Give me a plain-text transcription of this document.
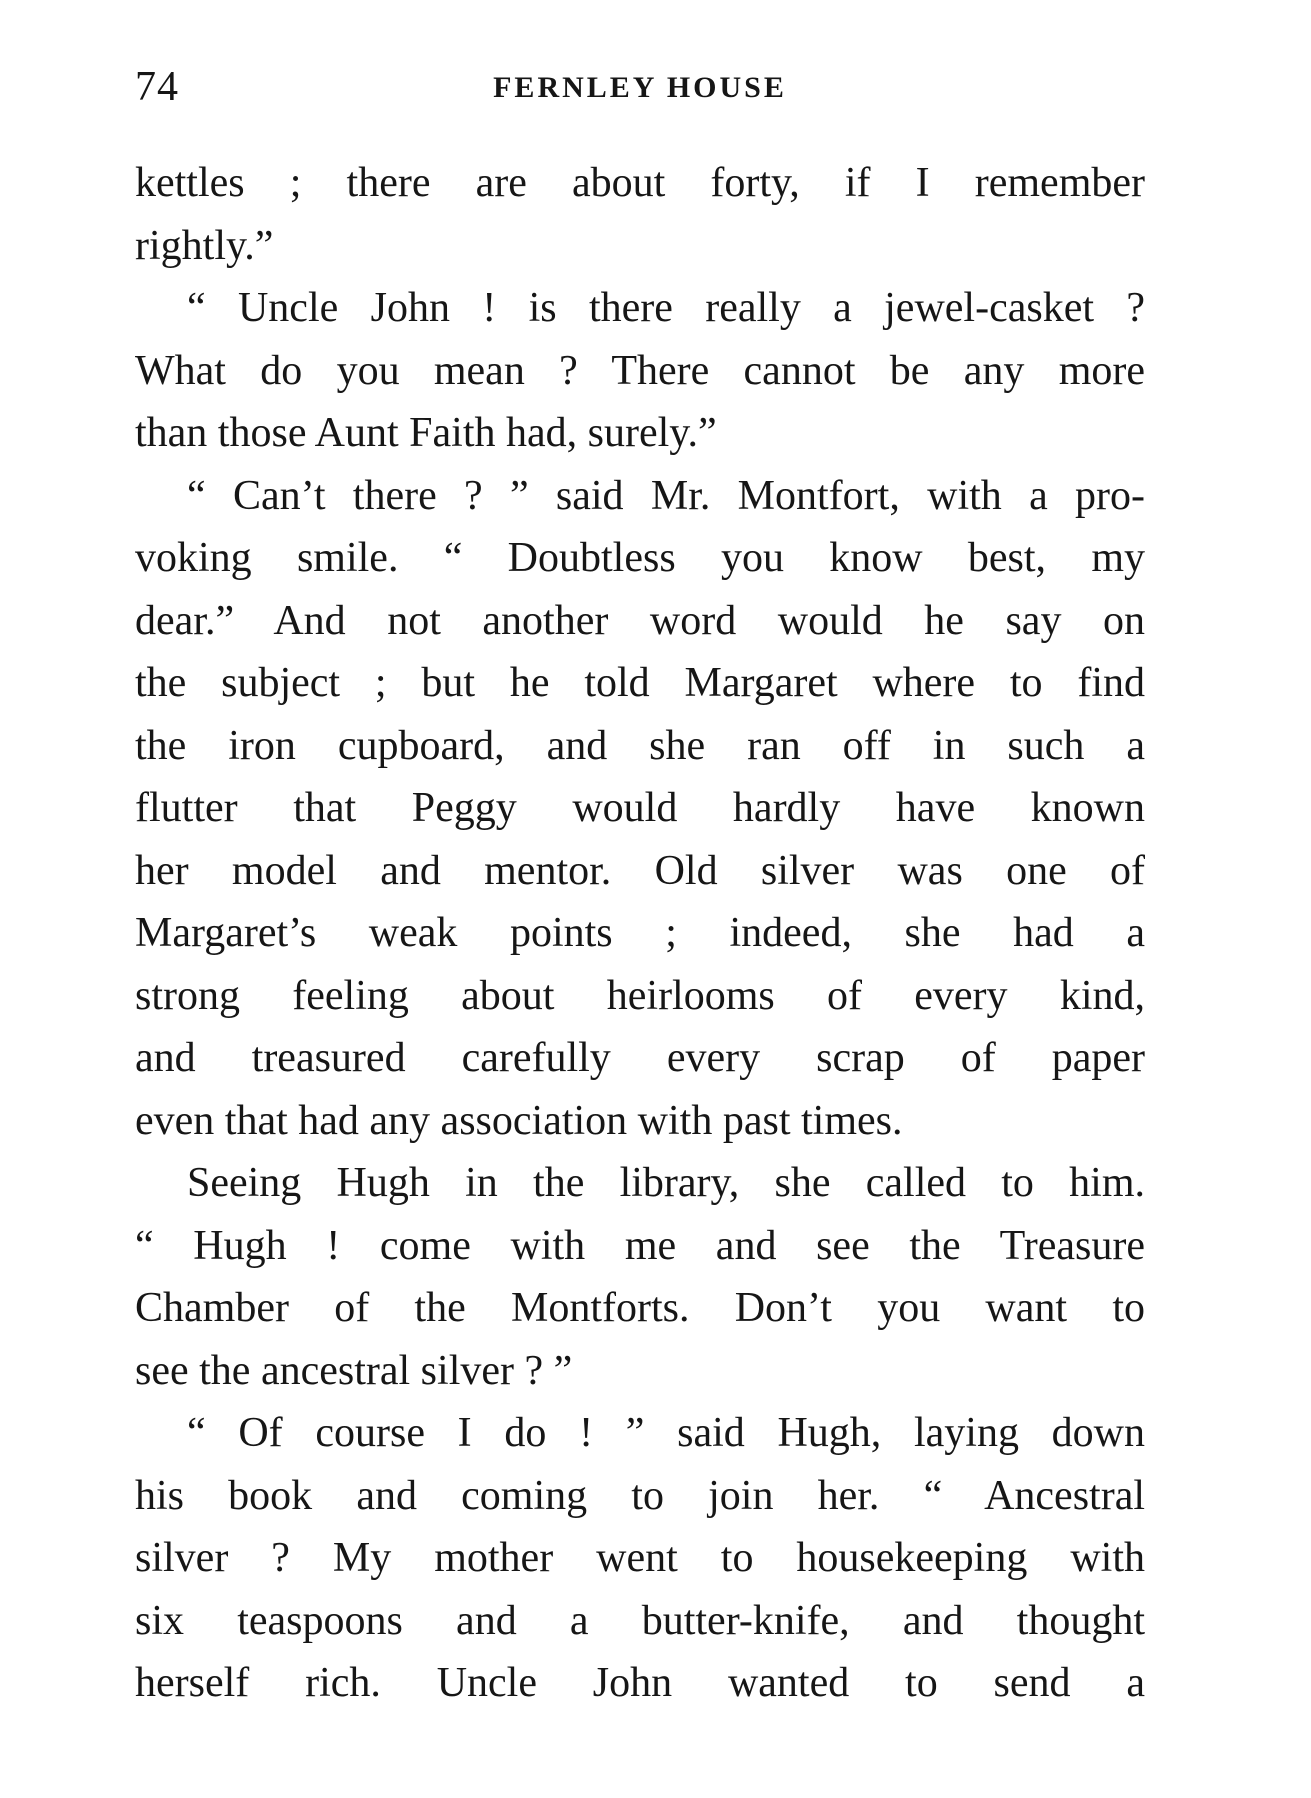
74	FERNLEY HOUSE
kettles ; there are about forty, if I remember
rightly.”
“ Uncle John ! is there really a jewel-casket ?
What do you mean ? There cannot be any more
than those Aunt Faith had, surely.”
“ Can’t there ? ” said Mr. Montfort, with a pro-
voking smile. “ Doubtless you know best, my
dear.” And not another word would he say on
the subject ; but he told Margaret where to find
the iron cupboard, and she ran off in such a
flutter that Peggy would hardly have known
her model and mentor. Old silver was one of
Margaret’s weak points ; indeed, she had a
strong feeling about heirlooms of every kind,
and treasured carefully every scrap of paper
even that had any association with past times.
Seeing Hugh in the library, she called to him.
“ Hugh ! come with me and see the Treasure
Chamber of the Montforts. Don’t you want to
see the ancestral silver ? ”
“ Of course I do ! ” said Hugh, laying down
his book and coming to join her. “ Ancestral
silver ? My mother went to housekeeping with
six teaspoons and a butter-knife, and thought
herself rich. Uncle John wanted to send a
